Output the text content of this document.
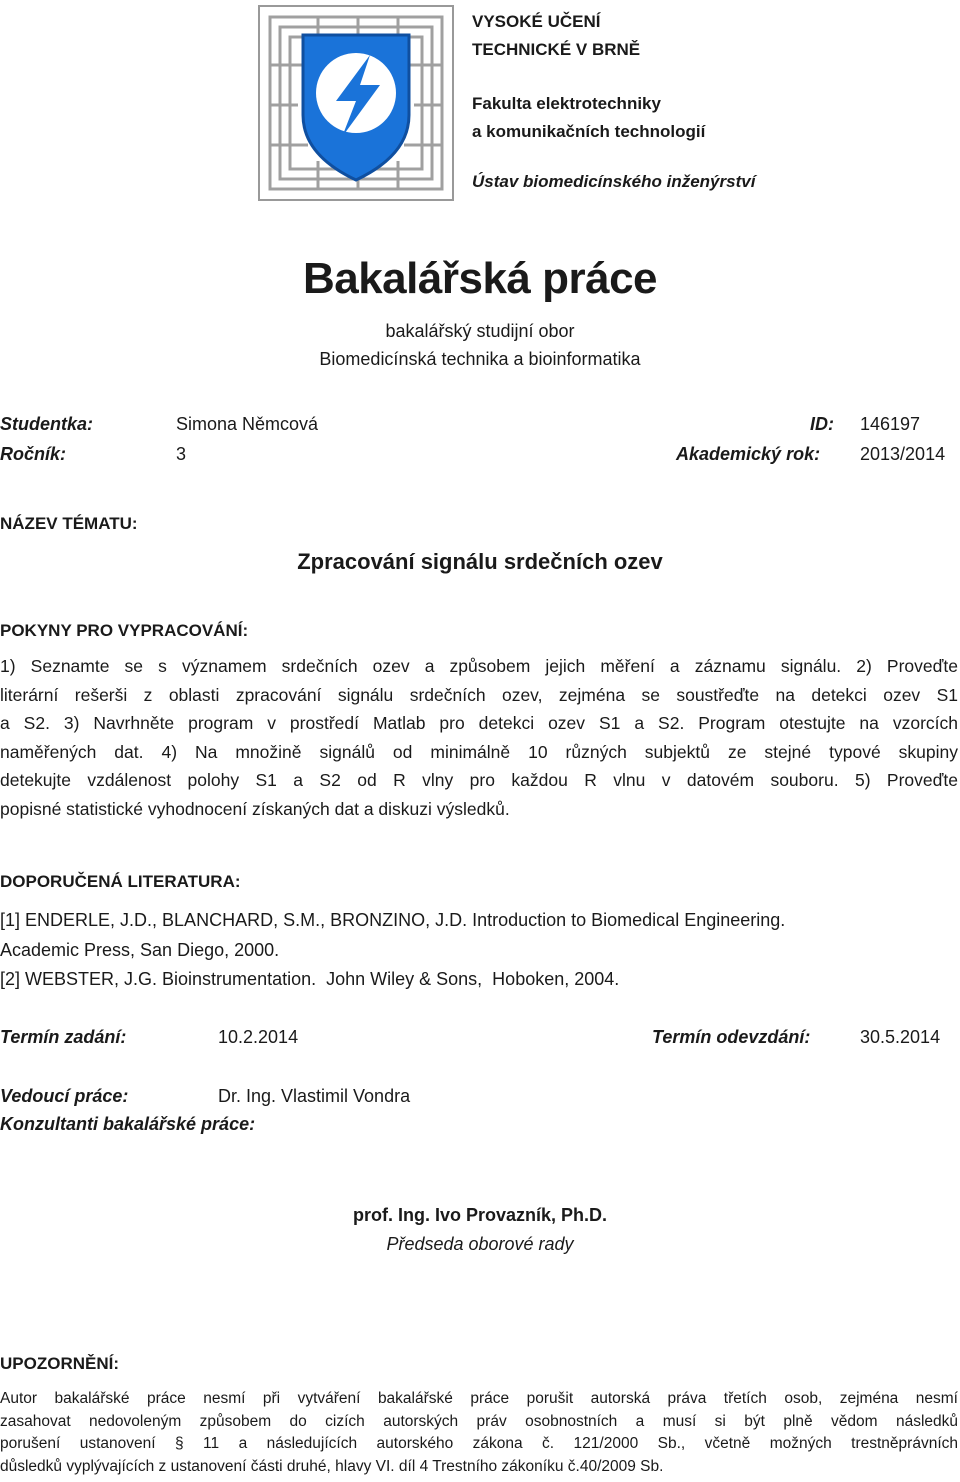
VYSOKÉ UČENÍ
TECHNICKÉ V BRNĚ
Fakulta elektrotechniky
a komunikačních technologií
Ústav biomedicínského inženýrství
Bakalářská práce
bakalářský studijní obor
Biomedicínská technika a bioinformatika
Studentka:	Simona Němcová	ID: 146197
Ročník:	3	Akademický rok: 2013/2014
NÁZEV TÉMATU:
Zpracování signálu srdečních ozev
POKYNY PRO VYPRACOVÁNÍ:
1) Seznamte se s významem srdečních ozev a způsobem jejich měření a záznamu signálu. 2) Proveďte
literární rešerši z oblasti zpracování signálu srdečních ozev, zejména se soustřeďte na detekci ozev S1
a S2. 3) Navrhněte program v prostředí Matlab pro detekci ozev S1 a S2. Program otestujte na vzorcích
naměřených dat. 4) Na množině signálů od minimálně 10 různých subjektů ze stejné typové skupiny
detekujte vzdálenost polohy S1 a S2 od R vlny pro každou R vlnu v datovém souboru. 5) Proveďte
popisné statistické vyhodnocení získaných dat a diskuzi výsledků.
DOPORUČENÁ LITERATURA:
[1] ENDERLE, J.D., BLANCHARD, S.M., BRONZINO, J.D. Introduction to Biomedical Engineering.
Academic Press, San Diego, 2000.
[2] WEBSTER, J.G. Bioinstrumentation.  John Wiley & Sons,  Hoboken, 2004.
Termín zadání:	10.2.2014	Termín odevzdání:	30.5.2014
Vedoucí práce:	Dr. Ing. Vlastimil Vondra
Konzultanti bakalářské práce:
prof. Ing. Ivo Provazník, Ph.D.
Předseda oborové rady
UPOZORNĚNÍ:
Autor bakalářské práce nesmí při vytváření bakalářské práce porušit autorská práva třetích osob, zejména nesmí
zasahovat nedovoleným způsobem do cizích autorských práv osobnostních a musí si být plně vědom následků
porušení ustanovení § 11 a následujících autorského zákona č. 121/2000 Sb., včetně možných trestněprávních
důsledků vyplývajících z ustanovení části druhé, hlavy VI. díl 4 Trestního zákoníku č.40/2009 Sb.
